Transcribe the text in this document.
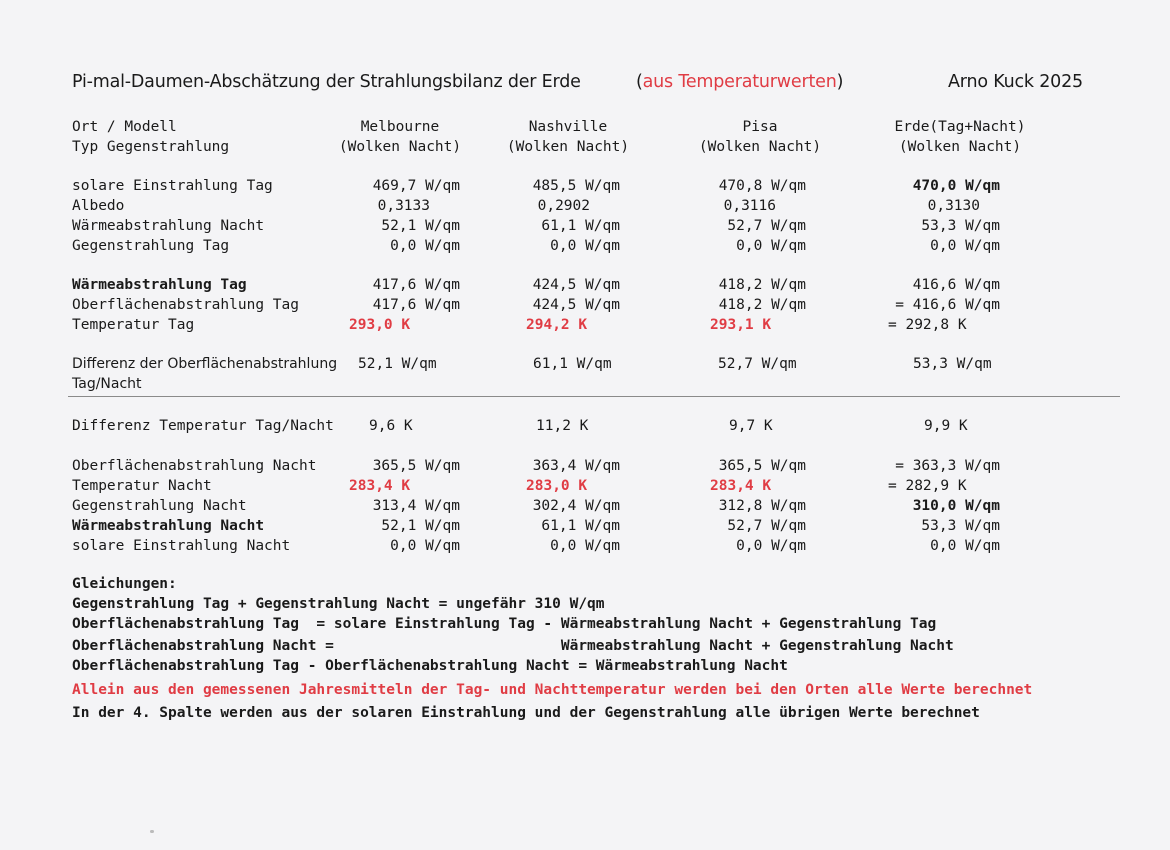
Pi-mal-Daumen-Abschätzung der Strahlungsbilanz der Erde	(aus Temperaturwerten)	Arno Kuck 2025
Ort / Modell	Melbourne	Nashville	Pisa	Erde(Tag+Nacht)
Typ Gegenstrahlung	(Wolken Nacht)	(Wolken Nacht)	(Wolken Nacht)	(Wolken Nacht)
solare Einstrahlung Tag	469,7 W/qm	485,5 W/qm	470,8 W/qm	470,0 W/qm
Albedo	0,3133	0,2902	0,3116	0,3130
Wärmeabstrahlung Nacht	52,1 W/qm	61,1 W/qm	52,7 W/qm	53,3 W/qm
Gegenstrahlung Tag	0,0 W/qm	0,0 W/qm	0,0 W/qm	0,0 W/qm
Wärmeabstrahlung Tag	417,6 W/qm	424,5 W/qm	418,2 W/qm	416,6 W/qm
Oberflächenabstrahlung Tag	417,6 W/qm	424,5 W/qm	418,2 W/qm	= 416,6 W/qm
Temperatur Tag	293,0 K	294,2 K	293,1 K	= 292,8 K
Differenz der Oberflächenabstrahlung 52,1 W/qm	61,1 W/qm	52,7 W/qm	53,3 W/qm
Tag/Nacht
Differenz Temperatur Tag/Nacht 9,6 K	11,2 K	9,7 K	9,9 K
Oberflächenabstrahlung Nacht	365,5 W/qm	363,4 W/qm	365,5 W/qm	= 363,3 W/qm
Temperatur Nacht	283,4 K	283,0 K	283,4 K	= 282,9 K
Gegenstrahlung Nacht	313,4 W/qm	302,4 W/qm	312,8 W/qm	310,0 W/qm
Wärmeabstrahlung Nacht	52,1 W/qm	61,1 W/qm	52,7 W/qm	53,3 W/qm
solare Einstrahlung Nacht	0,0 W/qm	0,0 W/qm	0,0 W/qm	0,0 W/qm
Gleichungen:
Gegenstrahlung Tag + Gegenstrahlung Nacht = ungefähr 310 W/qm
Oberflächenabstrahlung Tag  = solare Einstrahlung Tag - Wärmeabstrahlung Nacht + Gegenstrahlung Tag
Oberflächenabstrahlung Nacht =                          Wärmeabstrahlung Nacht + Gegenstrahlung Nacht
Oberflächenabstrahlung Tag - Oberflächenabstrahlung Nacht = Wärmeabstrahlung Nacht
Allein aus den gemessenen Jahresmitteln der Tag- und Nachttemperatur werden bei den Orten alle Werte berechnet
In der 4. Spalte werden aus der solaren Einstrahlung und der Gegenstrahlung alle übrigen Werte berechnet
